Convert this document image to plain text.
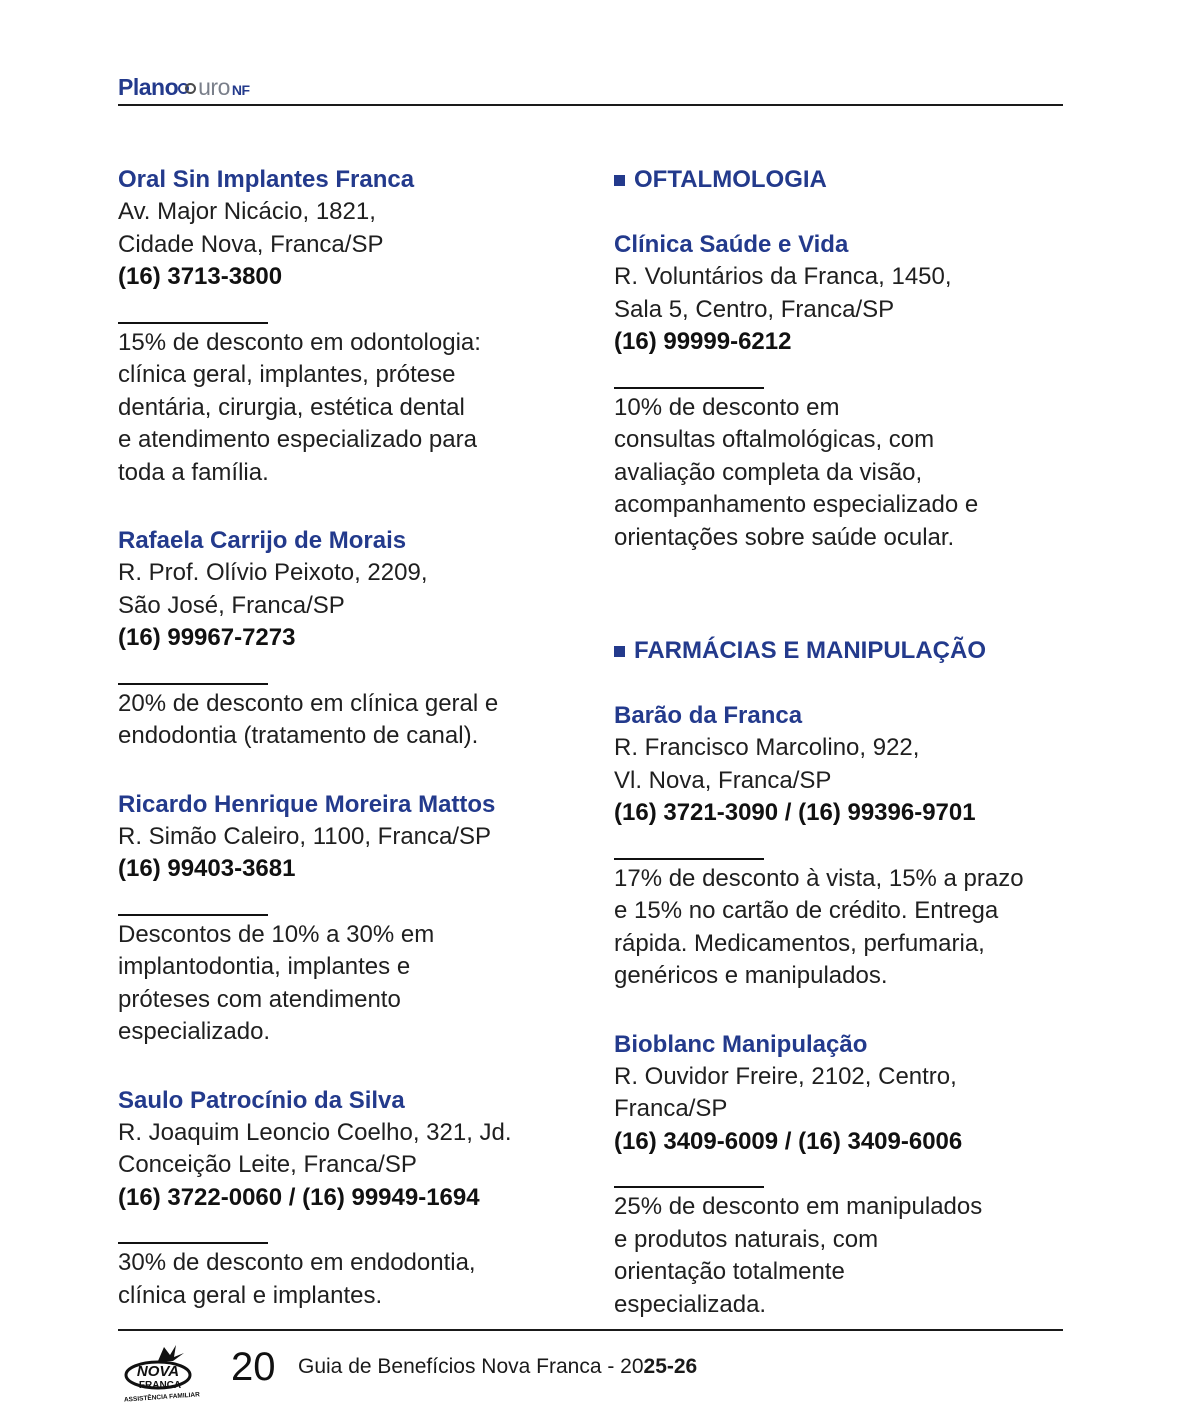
Plano uro NF

Oral Sin Implantes Franca

Av. Major Nicácio, 1821,

Cidade Nova, Franca/SP

(16) 3713-3800

15% de desconto em odontologia:

clínica geral, implantes, prótese

dentária, cirurgia, estética dental

e atendimento especializado para

toda a família.

Rafaela Carrijo de Morais

R. Prof. Olívio Peixoto, 2209,

São José, Franca/SP

(16) 99967-7273

20% de desconto em clínica geral e

endodontia (tratamento de canal).

Ricardo Henrique Moreira Mattos

R. Simão Caleiro, 1100, Franca/SP

(16) 99403-3681

Descontos de 10% a 30% em

implantodontia, implantes e

próteses com atendimento

especializado.

Saulo Patrocínio da Silva

R. Joaquim Leoncio Coelho, 321, Jd.

Conceição Leite, Franca/SP

(16) 3722-0060 / (16) 99949-1694

30% de desconto em endodontia,

clínica geral e implantes.

OFTALMOLOGIA

Clínica Saúde e Vida

R. Voluntários da Franca, 1450,

Sala 5, Centro, Franca/SP

(16) 99999-6212

10% de desconto em

consultas oftalmológicas, com

avaliação completa da visão,

acompanhamento especializado e

orientações sobre saúde ocular.

FARMÁCIAS E MANIPULAÇÃO

Barão da Franca

R. Francisco Marcolino, 922,

Vl. Nova, Franca/SP

(16) 3721-3090 / (16) 99396-9701

17% de desconto à vista, 15% a prazo

e 15% no cartão de crédito. Entrega

rápida. Medicamentos, perfumaria,

genéricos e manipulados.

Bioblanc Manipulação

R. Ouvidor Freire, 2102, Centro,

Franca/SP

(16) 3409-6009 / (16) 3409-6006

25% de desconto em manipulados

e produtos naturais, com

orientação totalmente

especializada.

NOVA
FRANCA
ASSISTÊNCIA FAMILIAR
20 Guia de Benefícios Nova Franca - 2025-26
